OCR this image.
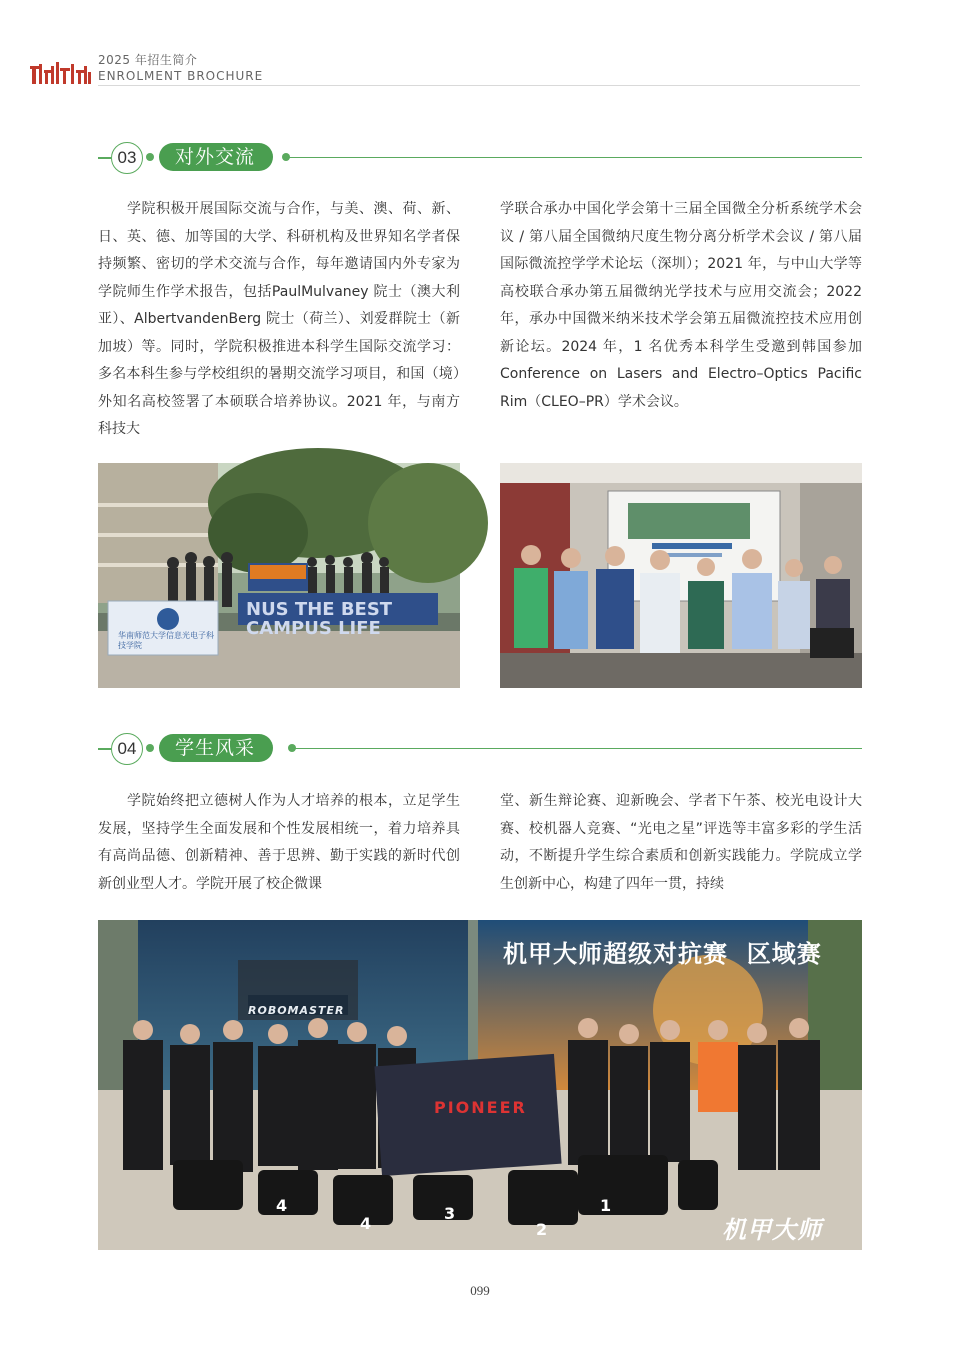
2025 年招生简介
ENROLMENT BROCHURE
03	对外交流
　　学院积极开展国际交流与合作，与美、澳、荷、新、日、英、德、加等国的大学、科研机构及世界知名学者保持频繁、密切的学术交流与合作，每年邀请国内外专家为学院师生作学术报告，包括PaulMulvaney 院士（澳大利亚）、AlbertvandenBerg 院士（荷兰）、刘爱群院士（新加坡）等。同时，学院积极推进本科学生国际交流学习：多名本科生参与学校组织的暑期交流学习项目，和国（境）外知名高校签署了本硕联合培养协议。2021 年，与南方科技大
学联合承办中国化学会第十三届全国微全分析系统学术会议 / 第八届全国微纳尺度生物分离分析学术会议 / 第八届国际微流控学学术论坛（深圳）；2021 年，与中山大学等高校联合承办第五届微纳光学技术与应用交流会；2022 年，承办中国微米纳米技术学会第五届微流控技术应用创新论坛。2024 年，1 名优秀本科学生受邀到韩国参加 Conference on Lasers and Electro–Optics Pacific Rim（CLEO–PR）学术会议。
04	学生风采
　　学院始终把立德树人作为人才培养的根本，立足学生发展，坚持学生全面发展和个性发展相统一，着力培养具有高尚品德、创新精神、善于思辨、勤于实践的新时代创新创业型人才。学院开展了校企微课
堂、新生辩论赛、迎新晚会、学者下午茶、校光电设计大赛、校机器人竞赛、“光电之星”评选等丰富多彩的学生活动，不断提升学生综合素质和创新实践能力。学院成立学生创新中心，构建了四年一贯，持续
机甲大师超级对抗赛  区域赛
NUS THE BEST CAMPUS LIFE
ROBOMASTER
PIONEER
4
4
3
2
1
机甲大师
华南师范大学信息光电子科技学院
099
